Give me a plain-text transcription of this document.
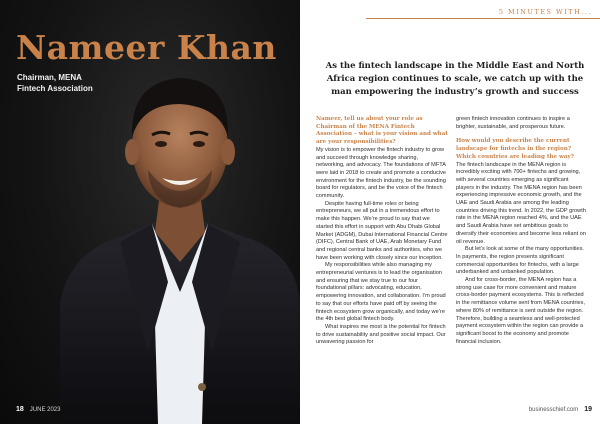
Nameer Khan
Chairman, MENA
Fintech Association
18 JUNE 2023
5 MINUTES WITH...
As the fintech landscape in the Middle East and North Africa region continues to scale, we catch up with the man empowering the industry’s growth and success

Nameer, tell us about your role as Chairman of the MENA Fintech Association – what is your vision and what are your responsibilities?

My vision is to empower the fintech industry to grow and succeed through knowledge sharing, networking, and advocacy. The foundations of MFTA were laid in 2018 to create and promote a conducive environment for the fintech industry, be the sounding board for regulators, and be the voice of the fintech community.

Despite having full-time roles or being entrepreneurs, we all put in a tremendous effort to make this happen. We’re proud to say that we started this effort in support with Abu Dhabi Global Market (ADGM), Dubai International Financial Centre (DIFC), Central Bank of UAE, Arab Monetary Fund and regional central banks and authorities, who we have been working with closely since our inception.

My responsibilities while also managing my entrepreneurial ventures is to lead the organisation and ensuring that we stay true to our four foundational pillars: advocating, education, empowering innovation, and collaboration. I’m proud to say that our efforts have paid off by seeing the fintech ecosystem grow organically, and today we’re the 4th best global fintech body.

What inspires me most is the potential for fintech to drive sustainability and positive social impact. Our unwavering passion for

green fintech innovation continues to inspire a brighter, sustainable, and prosperous future.

How would you describe the current landscape for fintechs in the region? Which countries are leading the way?

The fintech landscape in the MENA region is incredibly exciting with 700+ fintechs and growing, with several countries emerging as significant players in the industry. The MENA region has been experiencing impressive economic growth, and the UAE and Saudi Arabia are among the leading countries driving this trend. In 2022, the GDP growth rate in the MENA region reached 4%, and the UAE and Saudi Arabia have set ambitious goals to diversify their economies and become less reliant on oil revenue.

But let’s look at some of the many opportunities. In payments, the region presents significant commercial opportunities for fintechs, with a large underbanked and unbanked population.

And for cross-border, the MENA region has a strong use case for more convenient and mature cross-border payment ecosystems. This is reflected in the remittance volume sent from MENA countries, where 80% of remittance is sent outside the region. Therefore, building a seamless and well-protected payment ecosystem within the region can provide a significant boost to the economy and promote financial inclusion.

businesschief.com 19
